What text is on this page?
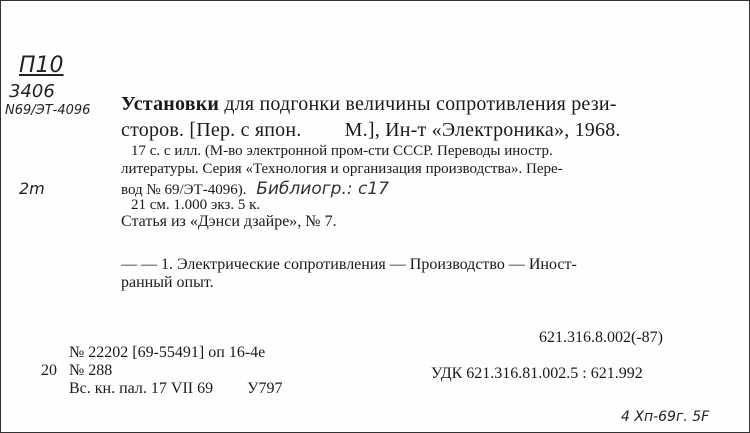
П10
3406
N69/ЭТ-4096
2m
Установки для подгонки величины сопротивления рези-
сторов. [Пер. с япон. М.], Ин-т «Электроника», 1968.
17 с. с илл. (М-во электронной пром-сти СССР. Переводы иностр.
литературы. Серия «Технология и организация производства». Пере-
вод № 69/ЭТ-4096). Библиогр.: с17
21 см. 1.000 экз. 5 к.
Статья из «Дэнси дзайре», № 7.
— — 1. Электрические сопротивления — Производство — Иност-
ранный опыт.
621.316.8.002(-87)
№ 22202 [69-55491] оп 16-4е
20 № 288
Вс. кн. пал. 17 VII 69 У797
УДК 621.316.81.002.5 : 621.992
4 Хп-69г. 5F
